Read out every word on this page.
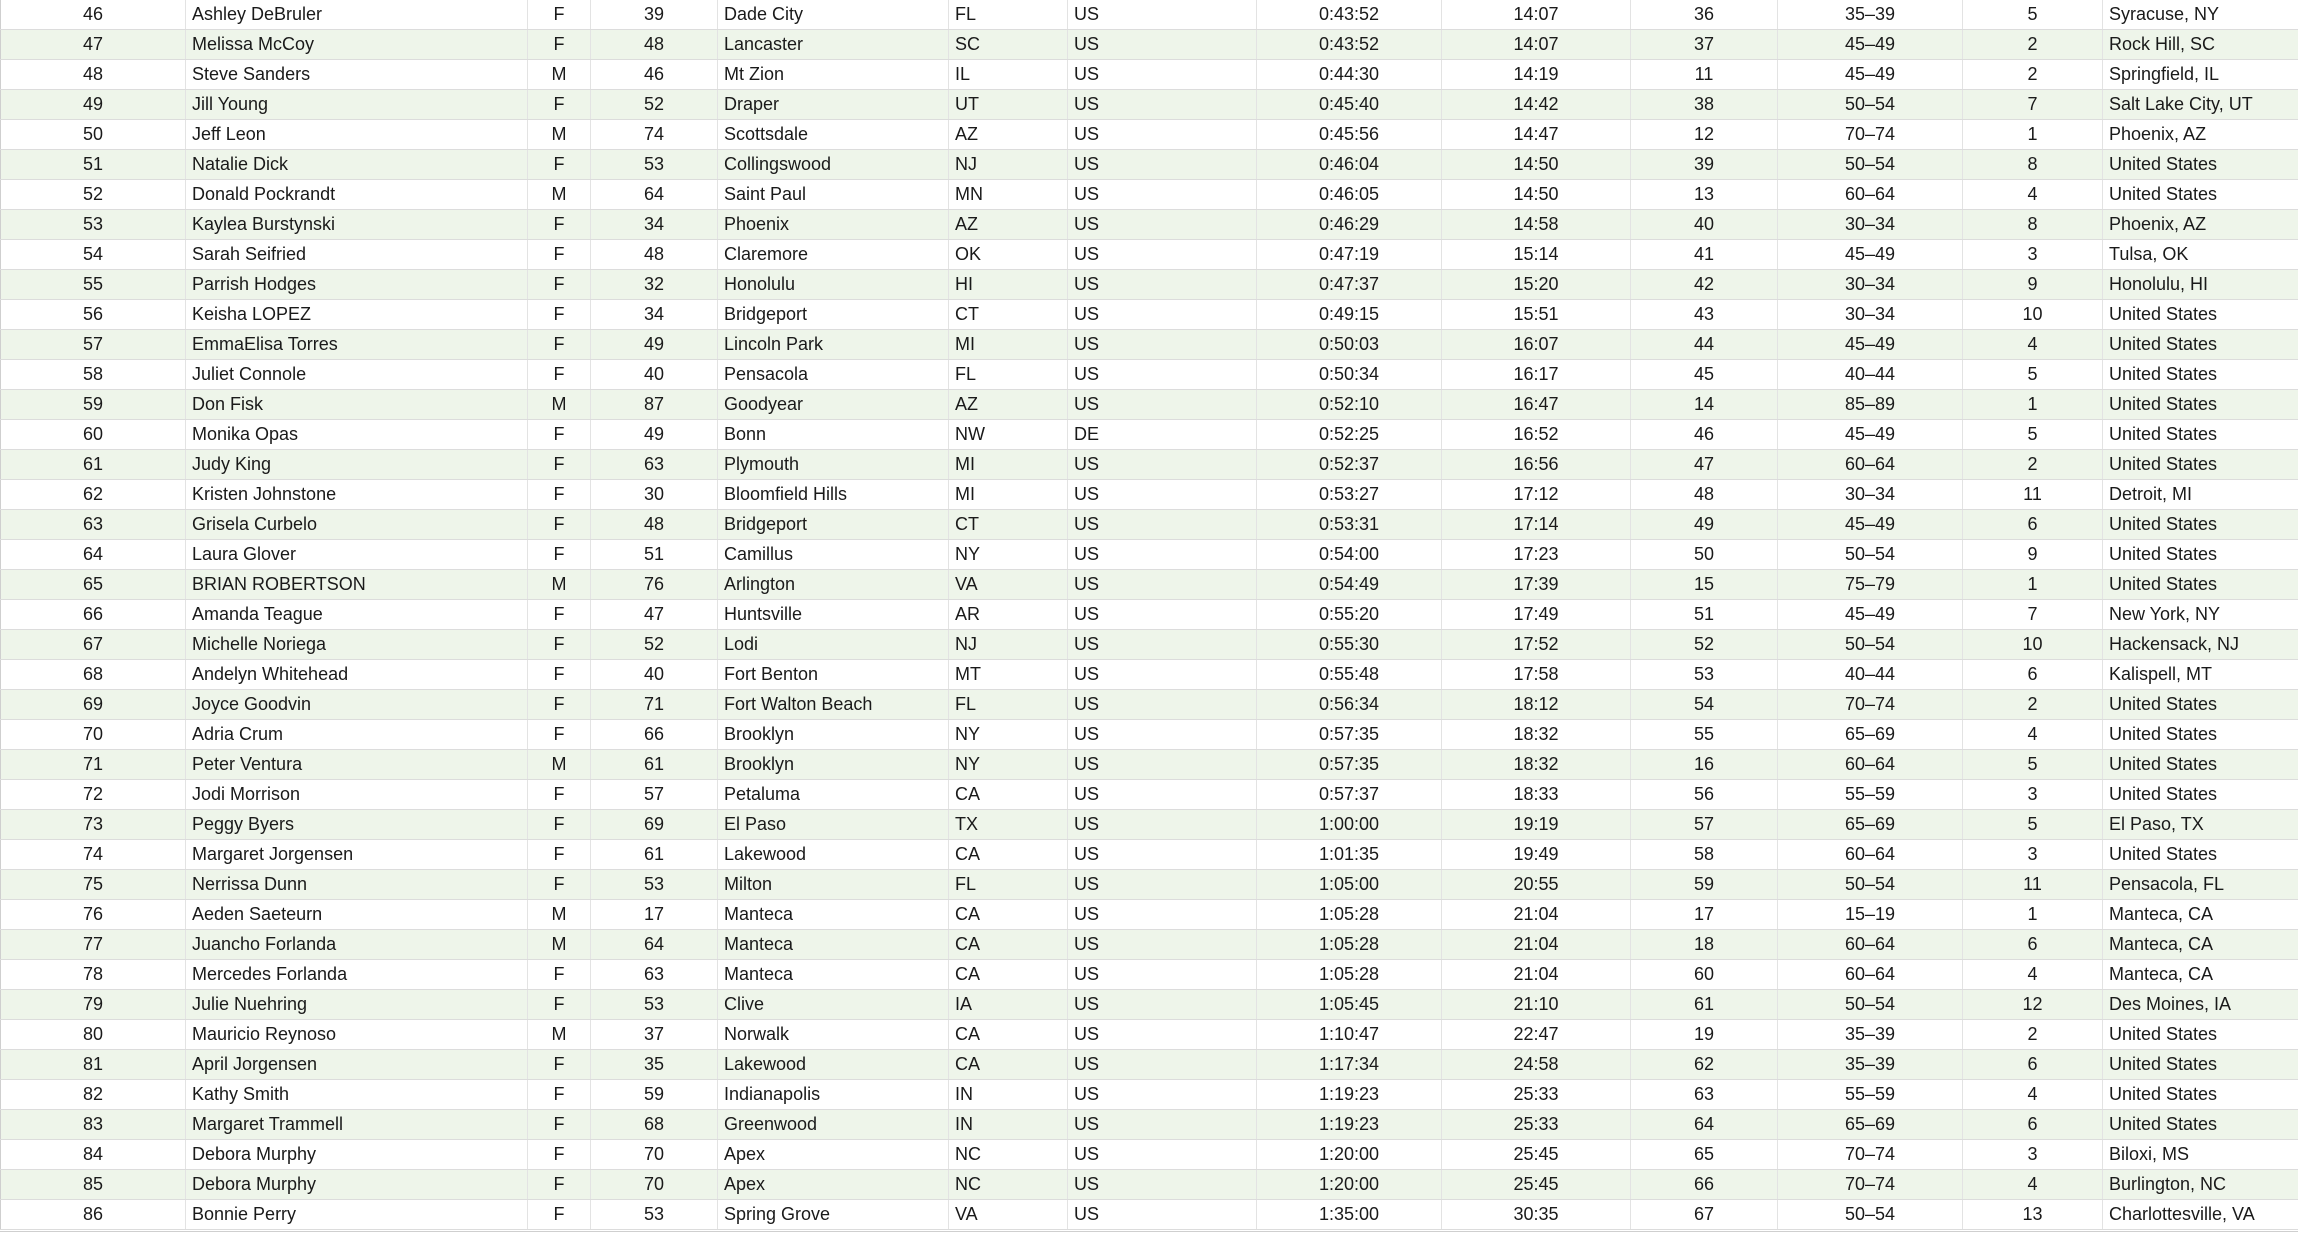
46	Ashley DeBruler	F	39	Dade City	FL	US	0:43:52	14:07	36	35–39	5	Syracuse, NY
47	Melissa McCoy	F	48	Lancaster	SC	US	0:43:52	14:07	37	45–49	2	Rock Hill, SC
48	Steve Sanders	M	46	Mt Zion	IL	US	0:44:30	14:19	11	45–49	2	Springfield, IL
49	Jill Young	F	52	Draper	UT	US	0:45:40	14:42	38	50–54	7	Salt Lake City, UT
50	Jeff Leon	M	74	Scottsdale	AZ	US	0:45:56	14:47	12	70–74	1	Phoenix, AZ
51	Natalie Dick	F	53	Collingswood	NJ	US	0:46:04	14:50	39	50–54	8	United States
52	Donald Pockrandt	M	64	Saint Paul	MN	US	0:46:05	14:50	13	60–64	4	United States
53	Kaylea Burstynski	F	34	Phoenix	AZ	US	0:46:29	14:58	40	30–34	8	Phoenix, AZ
54	Sarah Seifried	F	48	Claremore	OK	US	0:47:19	15:14	41	45–49	3	Tulsa, OK
55	Parrish Hodges	F	32	Honolulu	HI	US	0:47:37	15:20	42	30–34	9	Honolulu, HI
56	Keisha LOPEZ	F	34	Bridgeport	CT	US	0:49:15	15:51	43	30–34	10	United States
57	EmmaElisa Torres	F	49	Lincoln Park	MI	US	0:50:03	16:07	44	45–49	4	United States
58	Juliet Connole	F	40	Pensacola	FL	US	0:50:34	16:17	45	40–44	5	United States
59	Don Fisk	M	87	Goodyear	AZ	US	0:52:10	16:47	14	85–89	1	United States
60	Monika Opas	F	49	Bonn	NW	DE	0:52:25	16:52	46	45–49	5	United States
61	Judy King	F	63	Plymouth	MI	US	0:52:37	16:56	47	60–64	2	United States
62	Kristen Johnstone	F	30	Bloomfield Hills	MI	US	0:53:27	17:12	48	30–34	11	Detroit, MI
63	Grisela Curbelo	F	48	Bridgeport	CT	US	0:53:31	17:14	49	45–49	6	United States
64	Laura Glover	F	51	Camillus	NY	US	0:54:00	17:23	50	50–54	9	United States
65	BRIAN ROBERTSON	M	76	Arlington	VA	US	0:54:49	17:39	15	75–79	1	United States
66	Amanda Teague	F	47	Huntsville	AR	US	0:55:20	17:49	51	45–49	7	New York, NY
67	Michelle Noriega	F	52	Lodi	NJ	US	0:55:30	17:52	52	50–54	10	Hackensack, NJ
68	Andelyn Whitehead	F	40	Fort Benton	MT	US	0:55:48	17:58	53	40–44	6	Kalispell, MT
69	Joyce Goodvin	F	71	Fort Walton Beach	FL	US	0:56:34	18:12	54	70–74	2	United States
70	Adria Crum	F	66	Brooklyn	NY	US	0:57:35	18:32	55	65–69	4	United States
71	Peter Ventura	M	61	Brooklyn	NY	US	0:57:35	18:32	16	60–64	5	United States
72	Jodi Morrison	F	57	Petaluma	CA	US	0:57:37	18:33	56	55–59	3	United States
73	Peggy Byers	F	69	El Paso	TX	US	1:00:00	19:19	57	65–69	5	El Paso, TX
74	Margaret Jorgensen	F	61	Lakewood	CA	US	1:01:35	19:49	58	60–64	3	United States
75	Nerrissa Dunn	F	53	Milton	FL	US	1:05:00	20:55	59	50–54	11	Pensacola, FL
76	Aeden Saeteurn	M	17	Manteca	CA	US	1:05:28	21:04	17	15–19	1	Manteca, CA
77	Juancho Forlanda	M	64	Manteca	CA	US	1:05:28	21:04	18	60–64	6	Manteca, CA
78	Mercedes Forlanda	F	63	Manteca	CA	US	1:05:28	21:04	60	60–64	4	Manteca, CA
79	Julie Nuehring	F	53	Clive	IA	US	1:05:45	21:10	61	50–54	12	Des Moines, IA
80	Mauricio Reynoso	M	37	Norwalk	CA	US	1:10:47	22:47	19	35–39	2	United States
81	April Jorgensen	F	35	Lakewood	CA	US	1:17:34	24:58	62	35–39	6	United States
82	Kathy Smith	F	59	Indianapolis	IN	US	1:19:23	25:33	63	55–59	4	United States
83	Margaret Trammell	F	68	Greenwood	IN	US	1:19:23	25:33	64	65–69	6	United States
84	Debora Murphy	F	70	Apex	NC	US	1:20:00	25:45	65	70–74	3	Biloxi, MS
85	Debora Murphy	F	70	Apex	NC	US	1:20:00	25:45	66	70–74	4	Burlington, NC
86	Bonnie Perry	F	53	Spring Grove	VA	US	1:35:00	30:35	67	50–54	13	Charlottesville, VA
